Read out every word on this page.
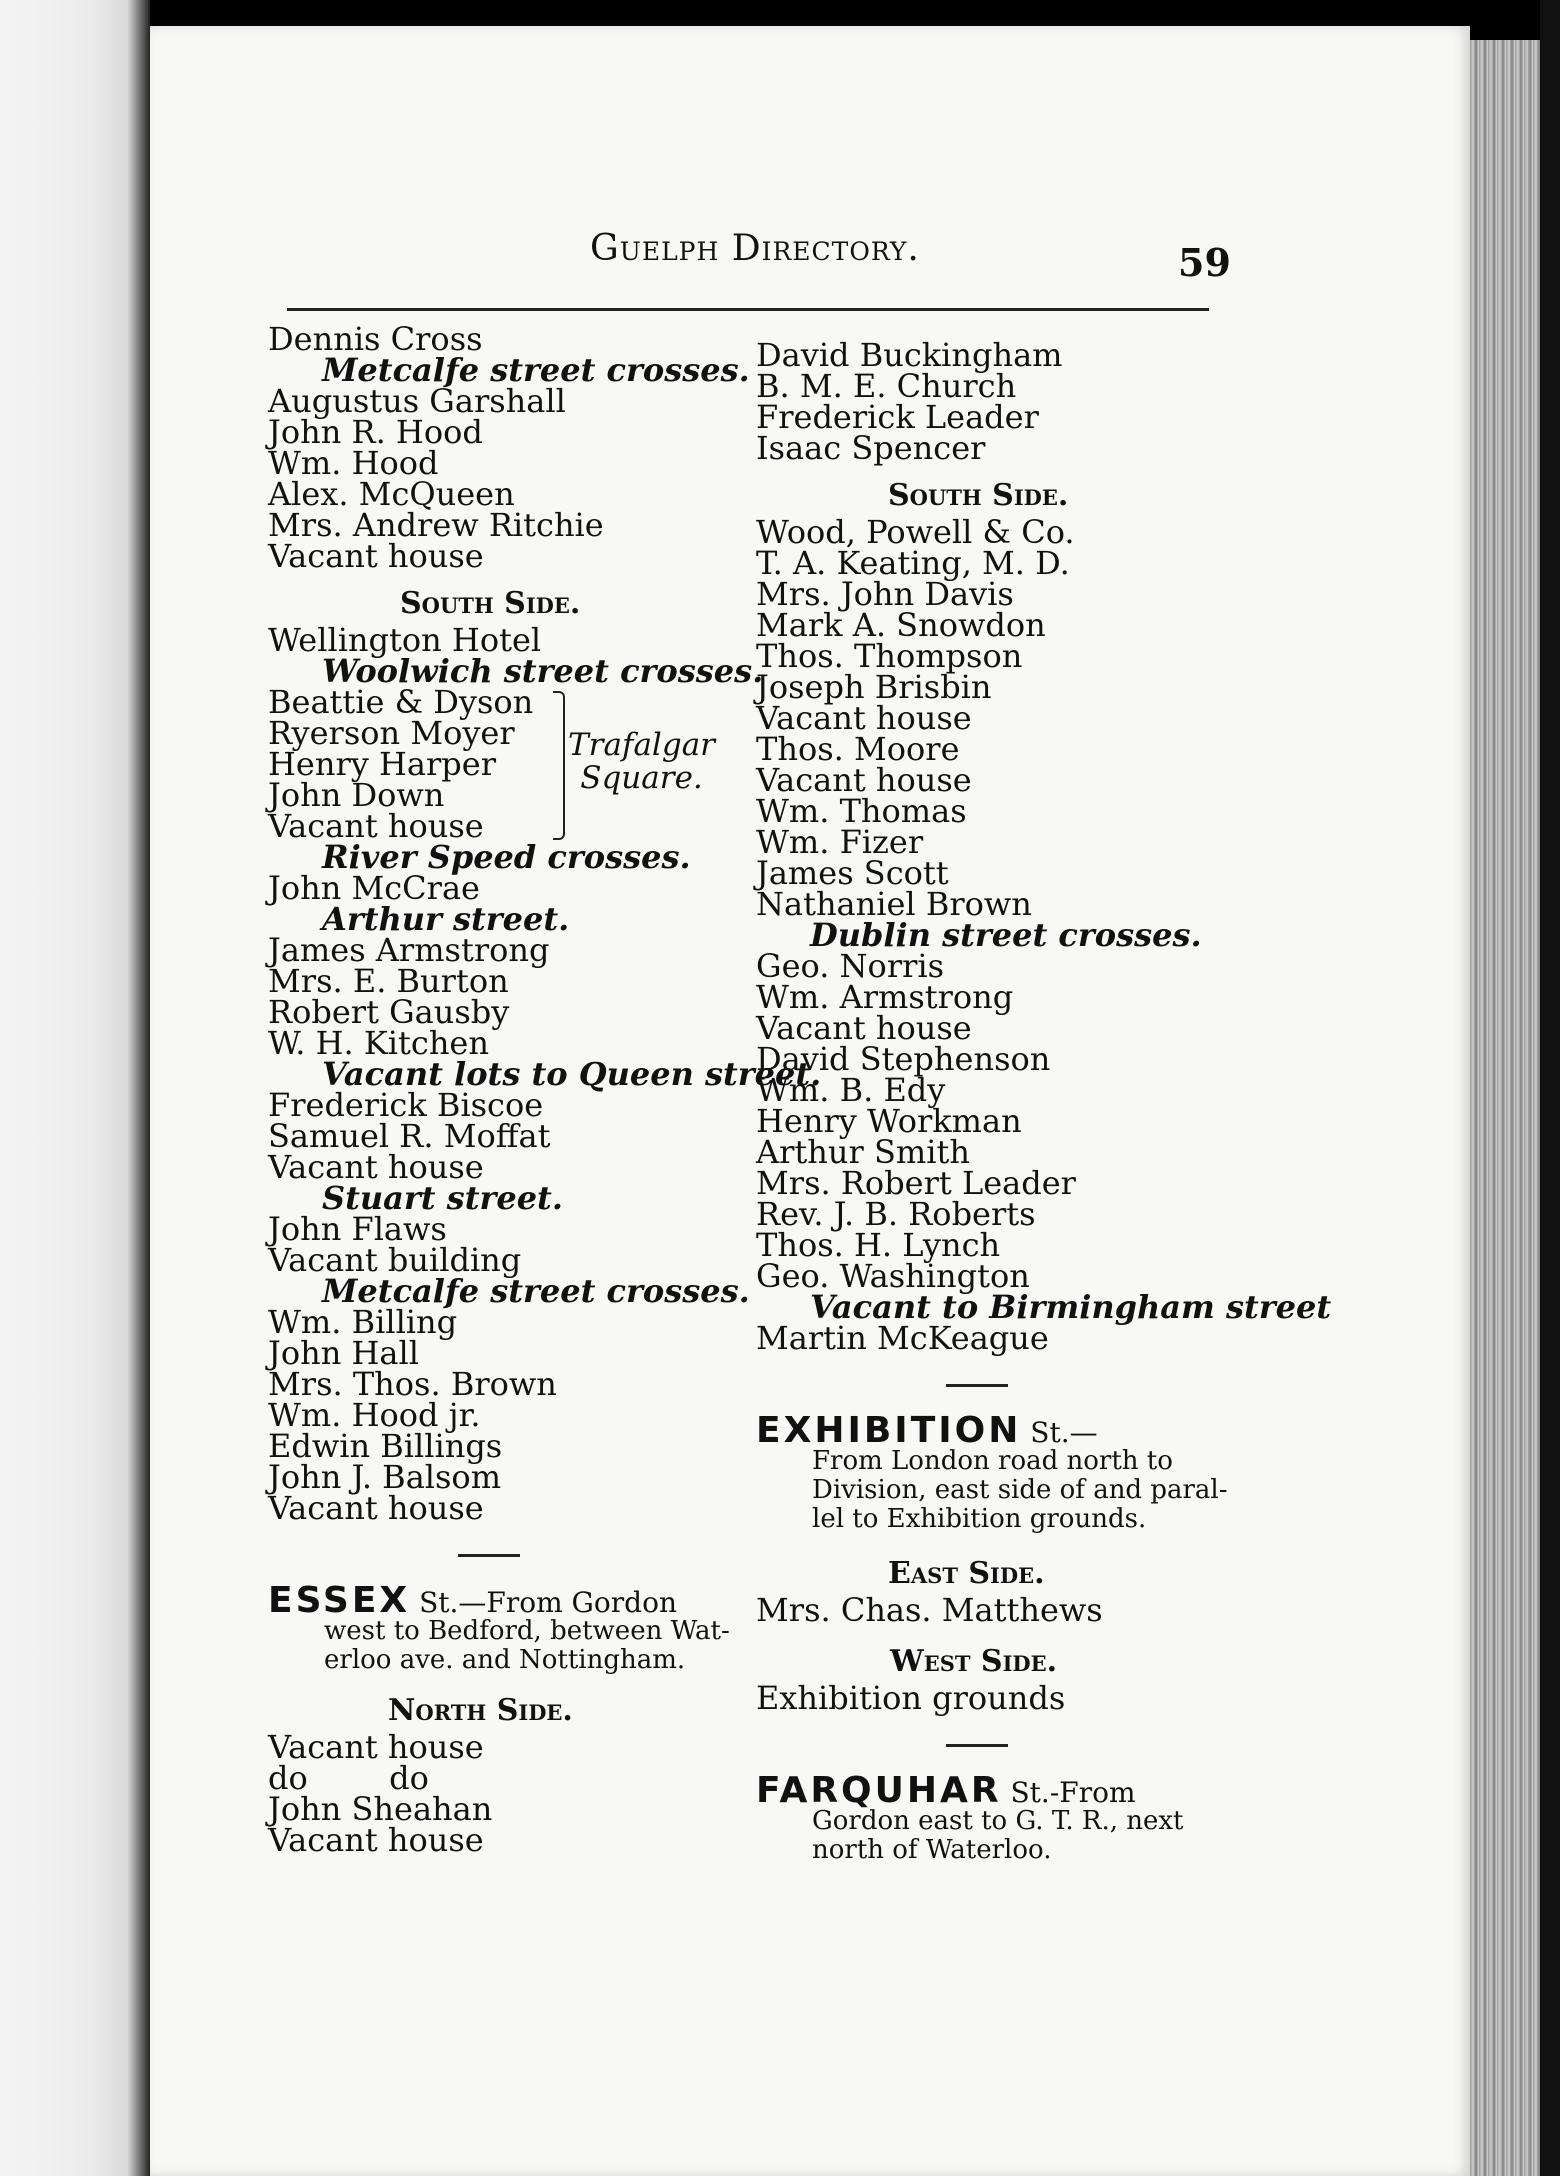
Guelph Directory.	59
Dennis Cross
Metcalfe street crosses.
Augustus Garshall
John R. Hood
Wm. Hood
Alex. McQueen
Mrs. Andrew Ritchie
Vacant house
South Side.
Wellington Hotel
Woolwich street crosses.
Beattie & Dyson
Ryerson Moyer
Henry Harper
John Down
Vacant house
Trafalgar
Square.
River Speed crosses.
John McCrae
Arthur street.
James Armstrong
Mrs. E. Burton
Robert Gausby
W. H. Kitchen
Vacant lots to Queen street.
Frederick Biscoe
Samuel R. Moffat
Vacant house
Stuart street.
John Flaws
Vacant building
Metcalfe street crosses.
Wm. Billing
John Hall
Mrs. Thos. Brown
Wm. Hood jr.
Edwin Billings
John J. Balsom
Vacant house
ESSEX St.—From Gordon
west to Bedford, between Wat-
erloo ave. and Nottingham.
North Side.
Vacant house
do        do
John Sheahan
Vacant house
David Buckingham
B. M. E. Church
Frederick Leader
Isaac Spencer
South Side.
Wood, Powell & Co.
T. A. Keating, M. D.
Mrs. John Davis
Mark A. Snowdon
Thos. Thompson
Joseph Brisbin
Vacant house
Thos. Moore
Vacant house
Wm. Thomas
Wm. Fizer
James Scott
Nathaniel Brown
Dublin street crosses.
Geo. Norris
Wm. Armstrong
Vacant house
David Stephenson
Wm. B. Edy
Henry Workman
Arthur Smith
Mrs. Robert Leader
Rev. J. B. Roberts
Thos. H. Lynch
Geo. Washington
Vacant to Birmingham street
Martin McKeague
EXHIBITION St.—
From London road north to
Division, east side of and paral-
lel to Exhibition grounds.
East Side.
Mrs. Chas. Matthews
West Side.
Exhibition grounds
FARQUHAR St.-From
Gordon east to G. T. R., next
north of Waterloo.
